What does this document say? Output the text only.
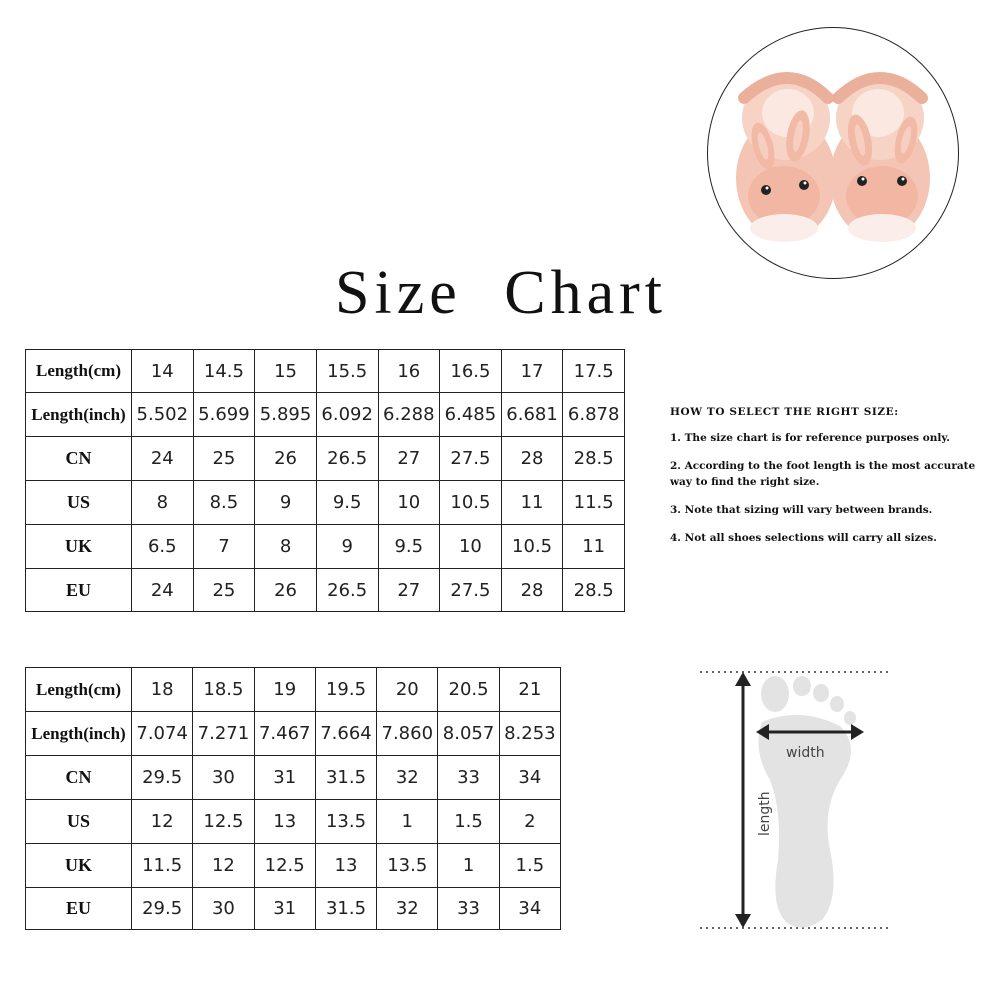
Size Chart
Length(cm)	14	14.5	15	15.5	16	16.5	17	17.5
Length(inch)	5.502	5.699	5.895	6.092	6.288	6.485	6.681	6.878
CN	24	25	26	26.5	27	27.5	28	28.5
US	8	8.5	9	9.5	10	10.5	11	11.5
UK	6.5	7	8	9	9.5	10	10.5	11
EU	24	25	26	26.5	27	27.5	28	28.5
Length(cm)	18	18.5	19	19.5	20	20.5	21
Length(inch)	7.074	7.271	7.467	7.664	7.860	8.057	8.253
CN	29.5	30	31	31.5	32	33	34
US	12	12.5	13	13.5	1	1.5	2
UK	11.5	12	12.5	13	13.5	1	1.5
EU	29.5	30	31	31.5	32	33	34
HOW TO SELECT THE RIGHT SIZE:
1. The size chart is for reference purposes only.
2. According to the foot length is the most accurate way to find the right size.
3. Note that sizing will vary between brands.
4. Not all shoes selections will carry all sizes.
width
length
